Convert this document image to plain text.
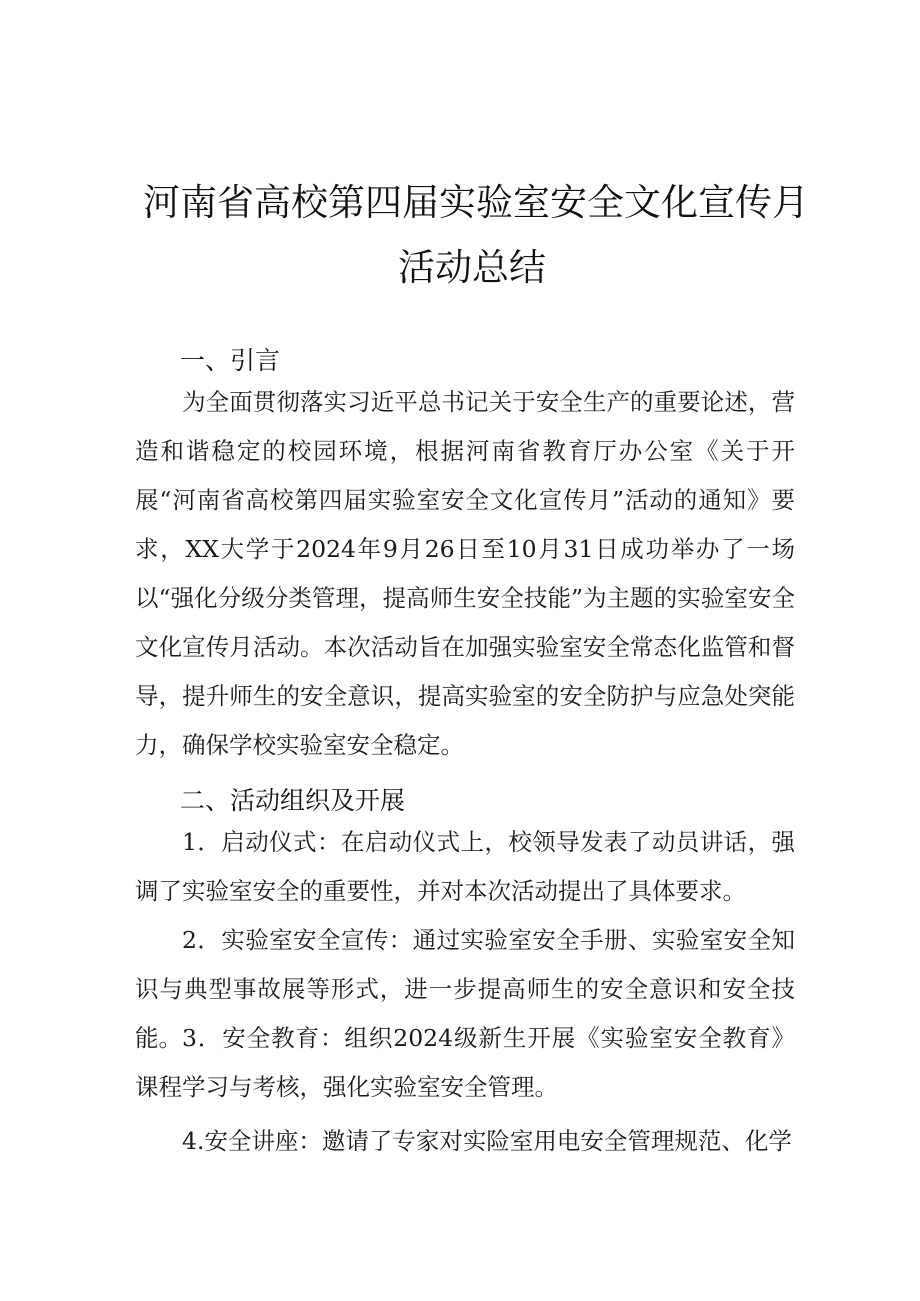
河南省高校第四届实验室安全文化宣传月
活动总结
一、引言
为全面贯彻落实习近平总书记关于安全生产的重要论述，营造和谐稳定的校园环境，根据河南省教育厅办公室《关于开展“河南省高校第四届实验室安全文化宣传月”活动的通知》要求，XX大学于2024年9月26日至10月31日成功举办了一场以“强化分级分类管理，提高师生安全技能”为主题的实验室安全文化宣传月活动。本次活动旨在加强实验室安全常态化监管和督导，提升师生的安全意识，提高实验室的安全防护与应急处突能力，确保学校实验室安全稳定。
二、活动组织及开展
1．启动仪式：在启动仪式上，校领导发表了动员讲话，强调了实验室安全的重要性，并对本次活动提出了具体要求。
2．实验室安全宣传：通过实验室安全手册、实验室安全知识与典型事故展等形式，进一步提高师生的安全意识和安全技能。 3．安全教育：组织2024级新生开展《实验室安全教育》课程学习与考核，强化实验室安全管理。
4.安全讲座：邀请了专家对实险室用电安全管理规范、化学
